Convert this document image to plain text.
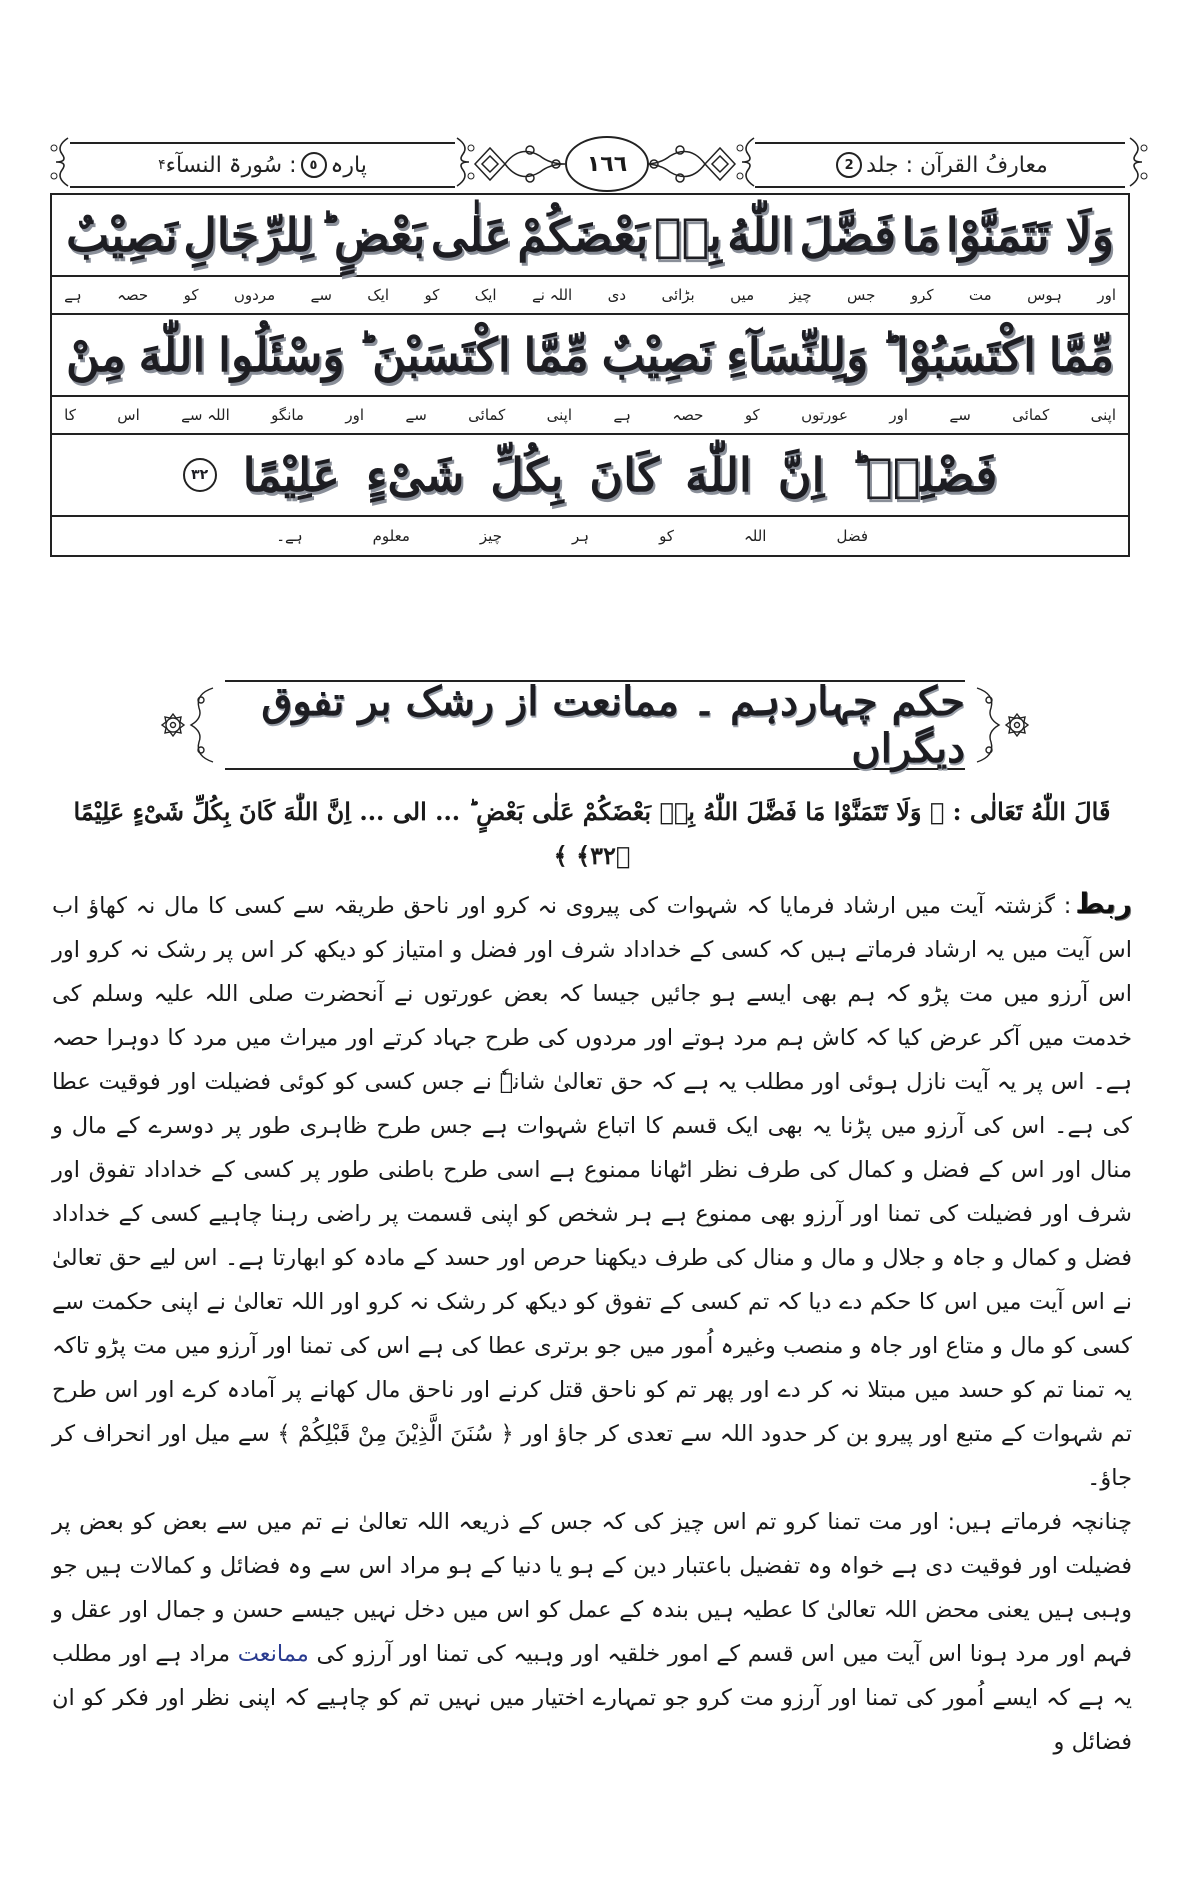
معارفُ القرآن : جلد
2
١٦٦
پارہ
٥
: سُورۃ النسآء
۴
وَلَا تَتَمَنَّوْا
مَا
فَضَّلَ
اللّٰهُ
بِهٖ
بَعْضَكُمْ
عَلٰى
بَعْضٍ ؕ
لِلرِّجَالِ
نَصِيْبٌ
اور
ہوس
مت
کرو
جس
چیز
میں
بڑائی
دی
اللہ نے
ایک
کو
ایک
سے
مردوں
کو
حصہ
ہے
مِّمَّا
اكْتَسَبُوْا ؕ
وَلِلنِّسَآءِ
نَصِيْبٌ
مِّمَّا
اكْتَسَبْنَ ؕ
وَسْئَلُوا
اللّٰهَ
مِنْ
اپنی
کمائی
سے
اور
عورتوں
کو
حصہ
ہے
اپنی
کمائی
سے
اور
مانگو
اللہ سے
اس
کا
فَضْلِهٖ ؕ
اِنَّ
اللّٰهَ
كَانَ
بِكُلِّ
شَیْءٍ
عَلِيْمًا
٣٢
فضل
اللہ
کو
ہر
چیز
معلوم
ہے۔
حکم چہاردہم ۔ ممانعت از رشک بر تفوق دیگراں
قَالَ اللّٰهُ تَعَالٰی : ﴿ وَلَا تَتَمَنَّوْا مَا فَضَّلَ اللّٰهُ بِهٖ بَعْضَكُمْ عَلٰى بَعْضٍ ؕ ... الی ... اِنَّ اللّٰهَ كَانَ بِكُلِّ شَیْءٍ عَلِيْمًا ﴿٣٢﴾ ﴾

ربط: گزشتہ آیت میں ارشاد فرمایا کہ شہوات کی پیروی نہ کرو اور ناحق طریقہ سے کسی کا مال نہ کھاؤ اب اس آیت میں یہ ارشاد فرماتے ہیں کہ کسی کے خداداد شرف اور فضل و امتیاز کو دیکھ کر اس پر رشک نہ کرو اور اس آرزو میں مت پڑو کہ ہم بھی ایسے ہو جائیں جیسا کہ بعض عورتوں نے آنحضرت صلی اللہ علیہ وسلم کی خدمت میں آکر عرض کیا کہ کاش ہم مرد ہوتے اور مردوں کی طرح جہاد کرتے اور میراث میں مرد کا دوہرا حصہ ہے۔ اس پر یہ آیت نازل ہوئی اور مطلب یہ ہے کہ حق تعالیٰ شانہٗ نے جس کسی کو کوئی فضیلت اور فوقیت عطا کی ہے۔ اس کی آرزو میں پڑنا یہ بھی ایک قسم کا اتباع شہوات ہے جس طرح ظاہری طور پر دوسرے کے مال و منال اور اس کے فضل و کمال کی طرف نظر اٹھانا ممنوع ہے اسی طرح باطنی طور پر کسی کے خداداد تفوق اور شرف اور فضیلت کی تمنا اور آرزو بھی ممنوع ہے ہر شخص کو اپنی قسمت پر راضی رہنا چاہیے کسی کے خداداد فضل و کمال و جاہ و جلال و مال و منال کی طرف دیکھنا حرص اور حسد کے مادہ کو ابھارتا ہے۔ اس لیے حق تعالیٰ نے اس آیت میں اس کا حکم دے دیا کہ تم کسی کے تفوق کو دیکھ کر رشک نہ کرو اور اللہ تعالیٰ نے اپنی حکمت سے کسی کو مال و متاع اور جاہ و منصب وغیرہ اُمور میں جو برتری عطا کی ہے اس کی تمنا اور آرزو میں مت پڑو تاکہ یہ تمنا تم کو حسد میں مبتلا نہ کر دے اور پھر تم کو ناحق قتل کرنے اور ناحق مال کھانے پر آمادہ کرے اور اس طرح تم شہوات کے متبع اور پیرو بن کر حدود اللہ سے تعدی کر جاؤ اور ﴿ سُنَنَ الَّذِيْنَ مِنْ قَبْلِكُمْ ﴾ سے میل اور انحراف کر جاؤ۔

چنانچہ فرماتے ہیں: اور مت تمنا کرو تم اس چیز کی کہ جس کے ذریعہ اللہ تعالیٰ نے تم میں سے بعض کو بعض پر فضیلت اور فوقیت دی ہے خواہ وہ تفضیل باعتبار دین کے ہو یا دنیا کے ہو مراد اس سے وہ فضائل و کمالات ہیں جو وہبی ہیں یعنی محض اللہ تعالیٰ کا عطیہ ہیں بندہ کے عمل کو اس میں دخل نہیں جیسے حسن و جمال اور عقل و فہم اور مرد ہونا اس آیت میں اس قسم کے امور خلقیہ اور وہبیہ کی تمنا اور آرزو کی ممانعت مراد ہے اور مطلب یہ ہے کہ ایسے اُمور کی تمنا اور آرزو مت کرو جو تمہارے اختیار میں نہیں تم کو چاہیے کہ اپنی نظر اور فکر کو ان فضائل و
